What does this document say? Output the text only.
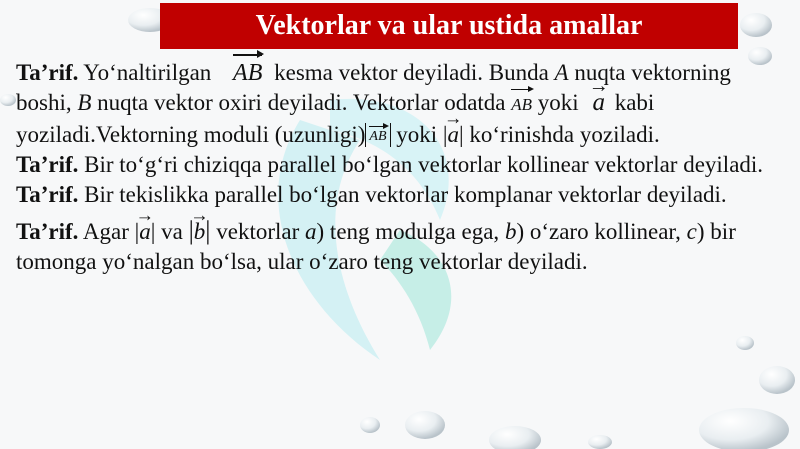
Vektorlar va ular ustida amallar

Ta’rif. Yo‘naltirilgan AB kesma vektor deyiladi. Bunda A nuqta vektorning boshi, B nuqta vektor oxiri deyiladi. Vektorlar odatda AB yoki → a kabi yoziladi.Vektorning moduli (uzunligi) AB yoki |→ a| ko‘rinishda yoziladi.

Ta’rif. Bir to‘g‘ri chiziqqa parallel bo‘lgan vektorlar kollinear vektorlar deyiladi.

Ta’rif. Bir tekislikka parallel bo‘lgan vektorlar komplanar vektorlar deyiladi.

Ta’rif. Agar |→ a| va |→ b| vektorlar a) teng modulga ega, b) o‘zaro kollinear, c) bir tomonga yo‘nalgan bo‘lsa, ular o‘zaro teng vektorlar deyiladi.
